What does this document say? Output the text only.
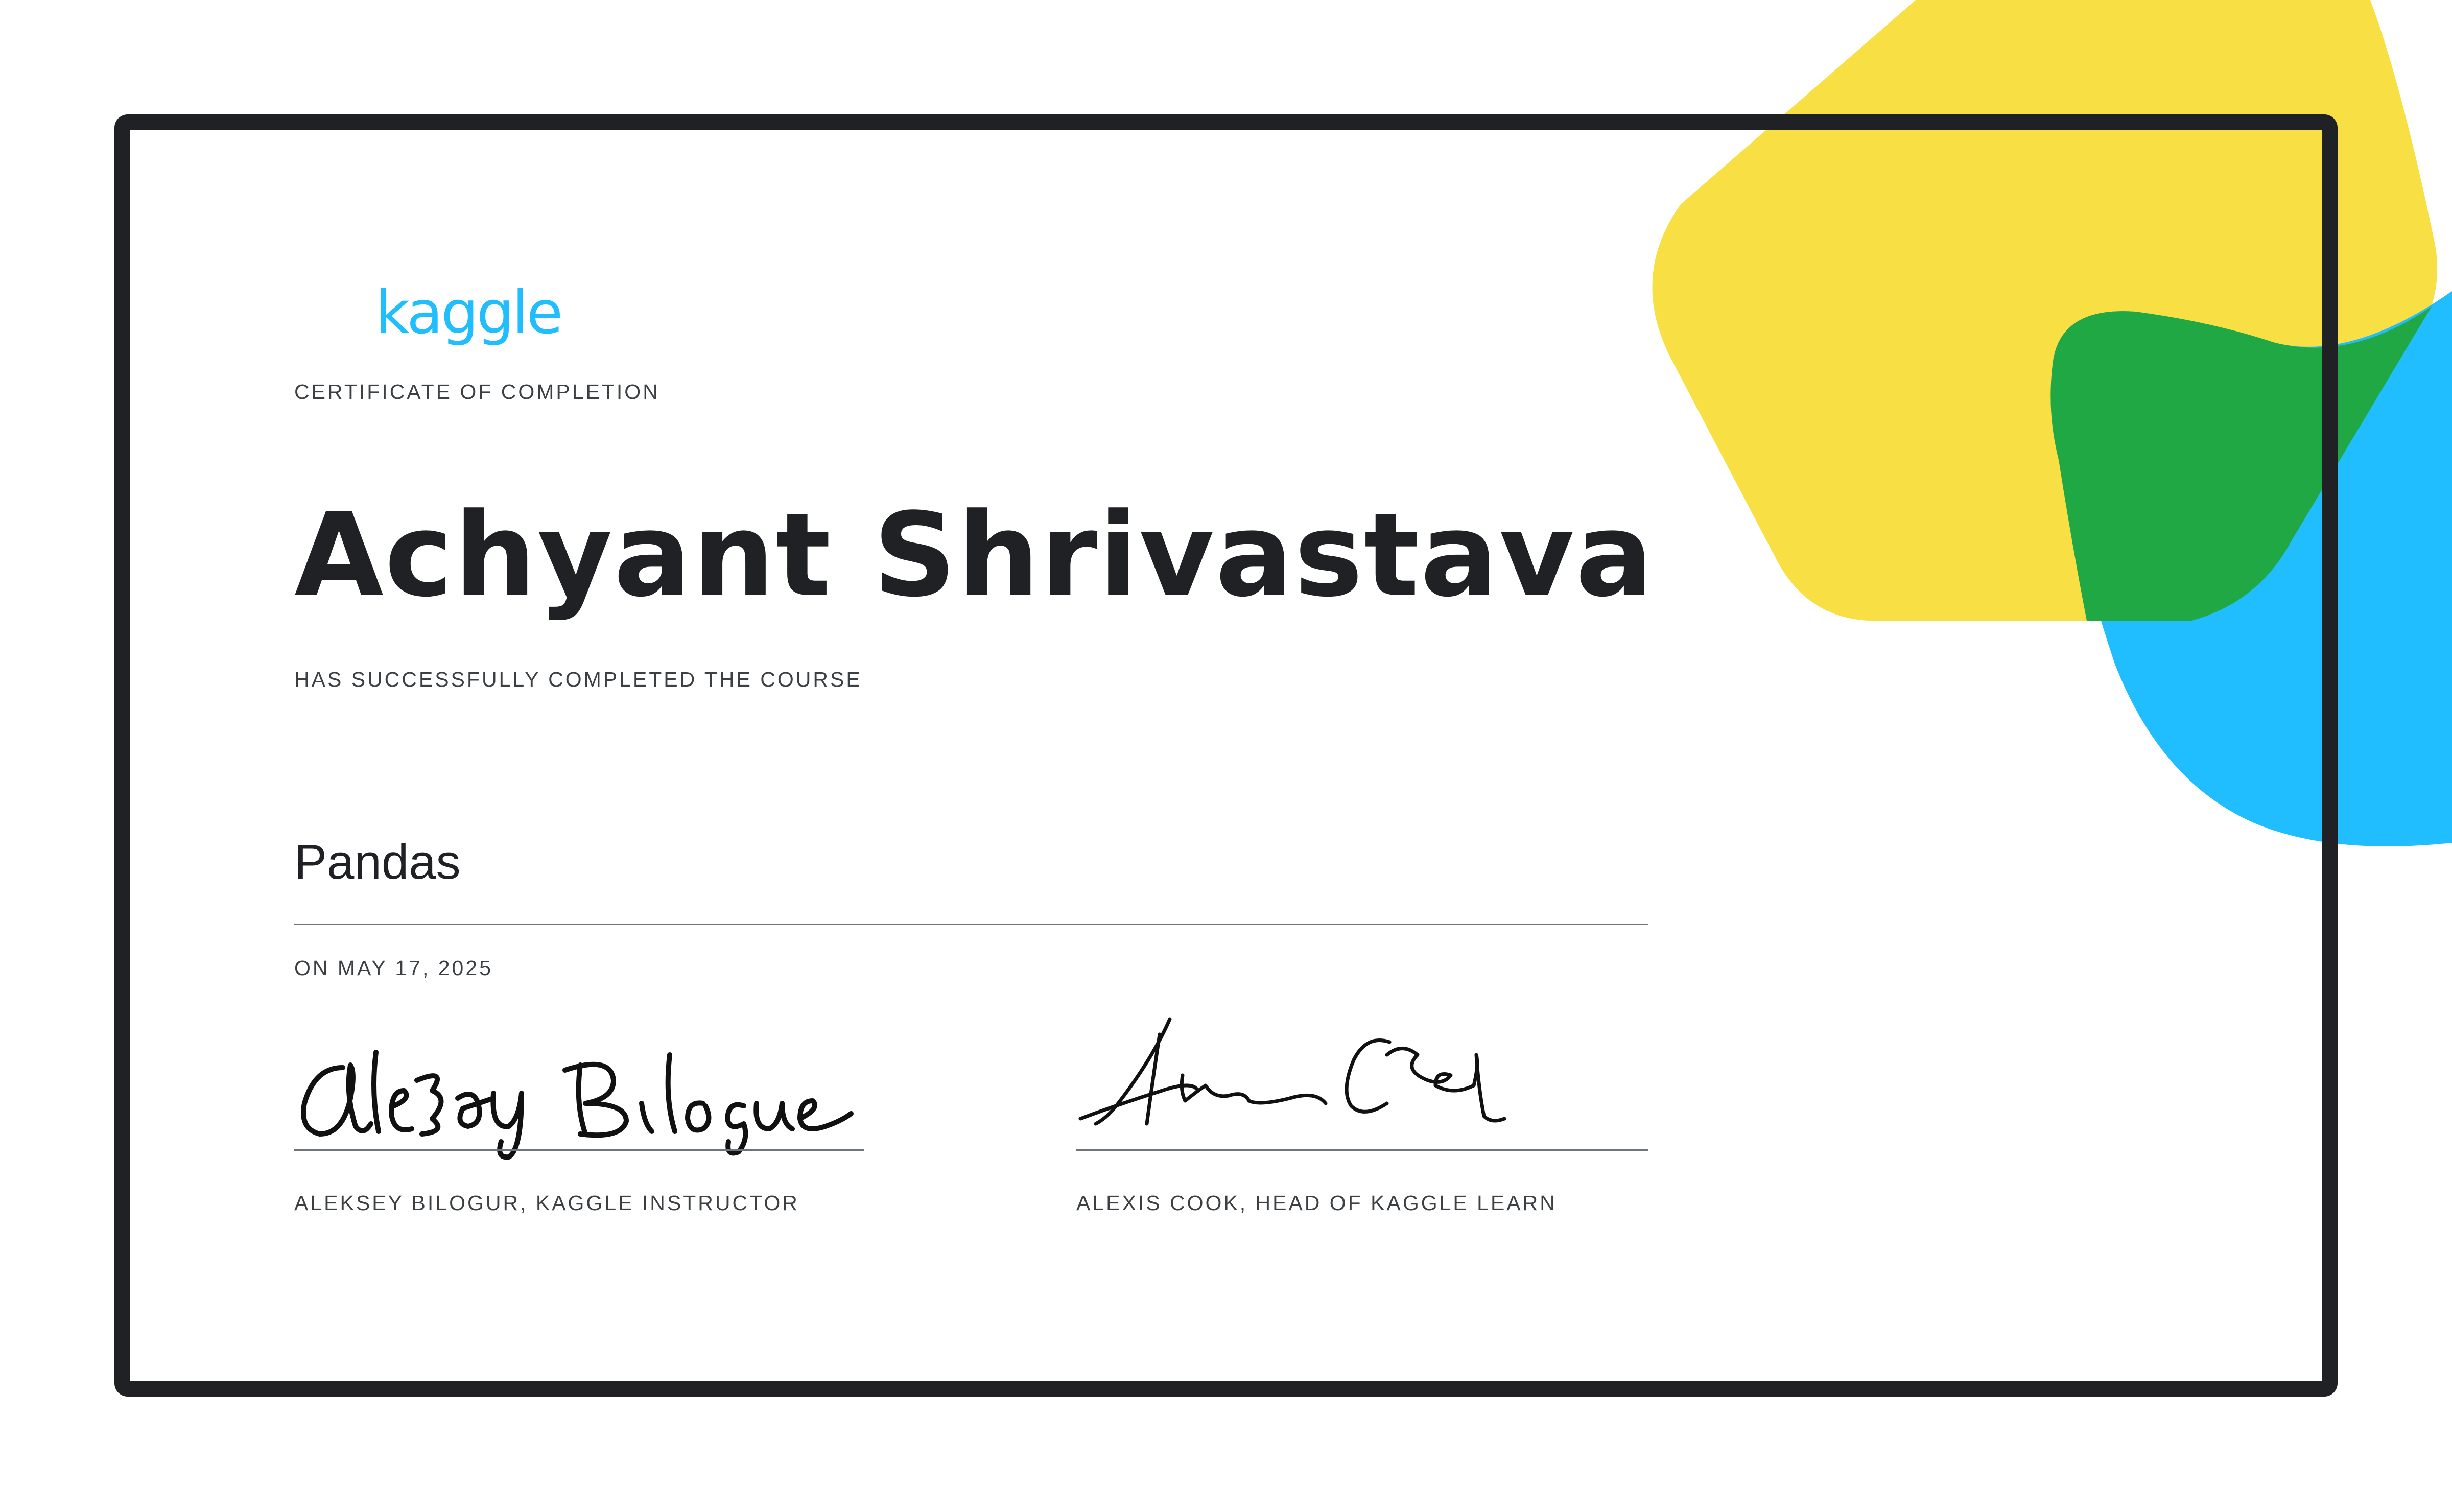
kaggle
CERTIFICATE OF COMPLETION
Achyant Shrivastava
HAS SUCCESSFULLY COMPLETED THE COURSE
Pandas
ON MAY 17, 2025
ALEKSEY BILOGUR, KAGGLE INSTRUCTOR	ALEXIS COOK, HEAD OF KAGGLE LEARN
